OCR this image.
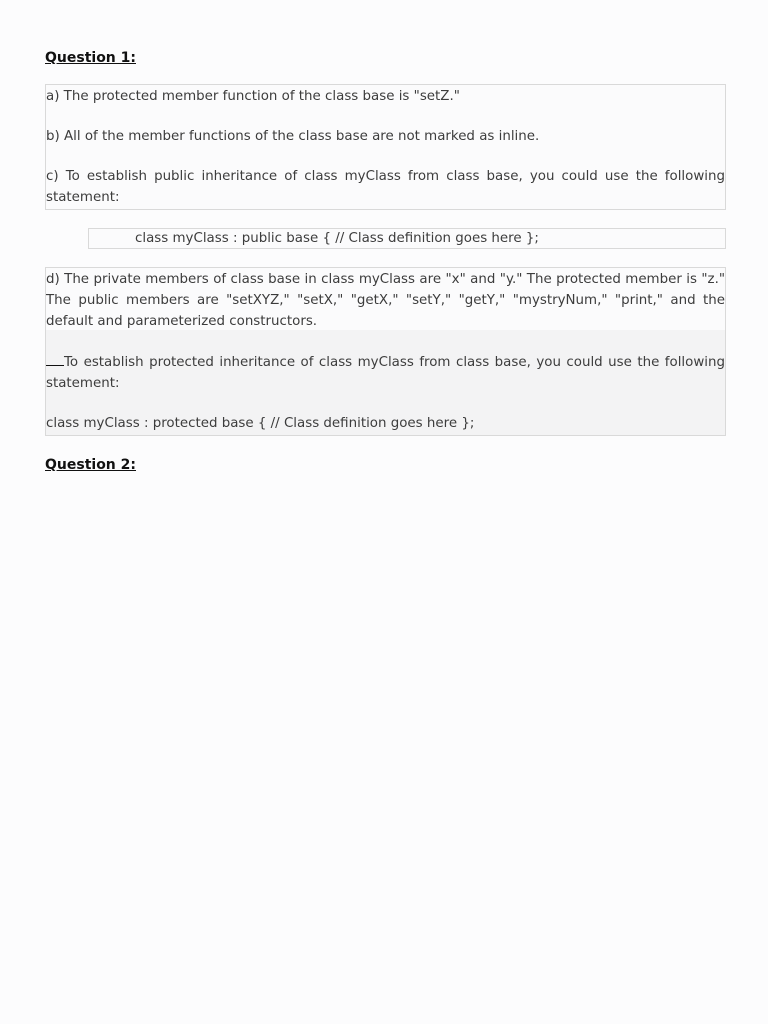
Question 1:

a) The protected member function of the class base is "setZ."

b) All of the member functions of the class base are not marked as inline.

c) To establish public inheritance of class myClass from class base, you could use the following statement:

class myClass : public base { // Class definition goes here };

d) The private members of class base in class myClass are "x" and "y." The protected member is "z." The public members are "setXYZ," "setX," "getX," "setY," "getY," "mystryNum," "print," and the default and parameterized constructors.

To establish protected inheritance of class myClass from class base, you could use the following statement:

class myClass : protected base { // Class definition goes here };

Question 2:
